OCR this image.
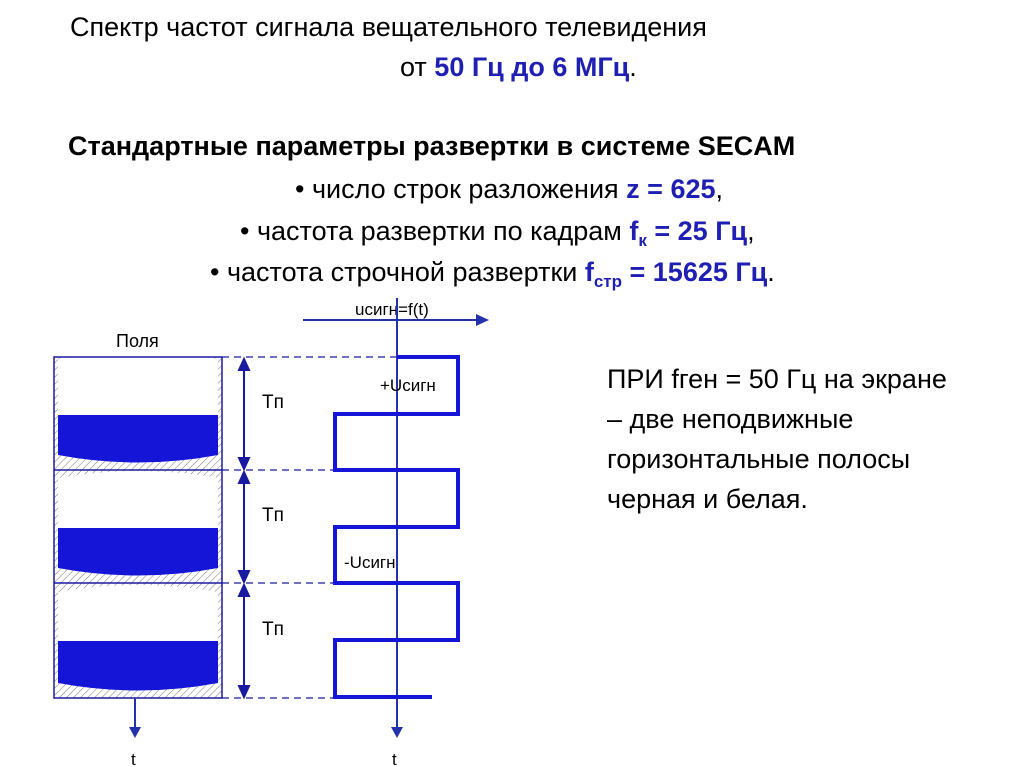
Спектр частот сигнала вещательного телевидения
от 50 Гц до 6 МГц.
Стандартные параметры развертки в системе SECAM
• число строк разложения z = 625,
• частота развертки по кадрам $f_к = 25$ Гц,
• частота строчной развертки $f_{стр} = 15625$ Гц.
ПРИ fген = 50 Гц на экране
– две неподвижные
горизонтальные полосы
черная и белая.
Поля
t
Tп
Tп
Tп
uсигн=f(t)
t
+Uсигн
-Uсигн
